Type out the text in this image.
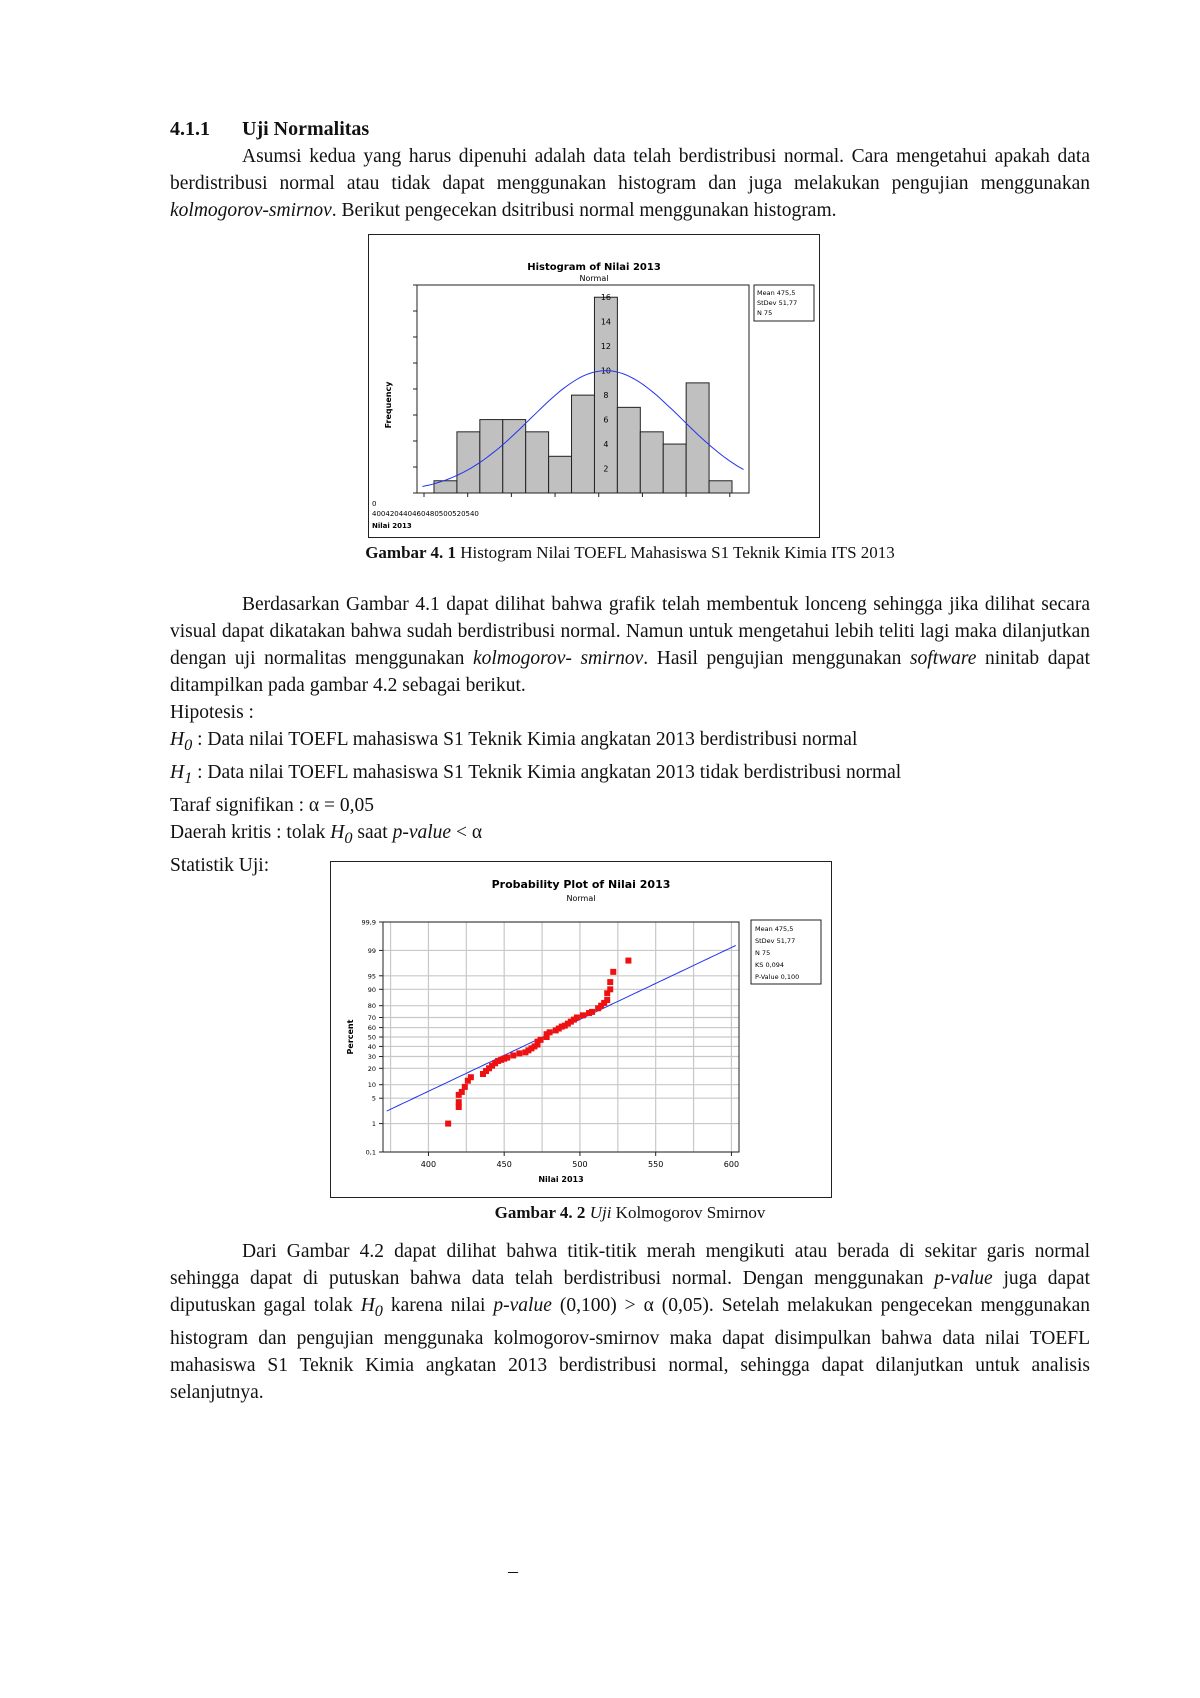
4.1.1 Uji Normalitas

Asumsi kedua yang harus dipenuhi adalah data telah berdistribusi normal. Cara mengetahui apakah data berdistribusi normal atau tidak dapat menggunakan histogram dan juga melakukan pengujian menggunakan kolmogorov-smirnov. Berikut pengecekan dsitribusi normal menggunakan histogram.

Histogram of Nilai 2013
Normal
2
4
6
8
10
12
14
16
Frequency
0
400420440460480500520540
Nilai 2013
Mean 475,5
StDev 51,77
N 75
Gambar 4. 1 Histogram Nilai TOEFL Mahasiswa S1 Teknik Kimia ITS 2013

Berdasarkan Gambar 4.1 dapat dilihat bahwa grafik telah membentuk lonceng sehingga jika dilihat secara visual dapat dikatakan bahwa sudah berdistribusi normal. Namun untuk mengetahui lebih teliti lagi maka dilanjutkan dengan uji normalitas menggunakan kolmogorov- smirnov. Hasil pengujian menggunakan software ninitab dapat ditampilkan pada gambar 4.2 sebagai berikut.

Hipotesis :
$H_0$ : Data nilai TOEFL mahasiswa S1 Teknik Kimia angkatan 2013 berdistribusi normal
$H_1$ : Data nilai TOEFL mahasiswa S1 Teknik Kimia angkatan 2013 tidak berdistribusi normal
Taraf signifikan : α = 0,05
Daerah kritis : tolak $H_0$ saat p-value < α
Statistik Uji:
Probability Plot of Nilai 2013
Normal
0,1
1
5
10
20
30
40
50
60
70
80
90
95
99
99,9
400	450	500	550	600
Nilai 2013
Percent
Mean 475,5
StDev 51,77
N 75
KS 0,094
P-Value 0,100
Gambar 4. 2 Uji Kolmogorov Smirnov

Dari Gambar 4.2 dapat dilihat bahwa titik-titik merah mengikuti atau berada di sekitar garis normal sehingga dapat di putuskan bahwa data telah berdistribusi normal. Dengan menggunakan p-value juga dapat diputuskan gagal tolak $H_0$ karena nilai p-value (0,100) > α (0,05). Setelah melakukan pengecekan menggunakan histogram dan pengujian menggunaka kolmogorov-smirnov maka dapat disimpulkan bahwa data nilai TOEFL mahasiswa S1 Teknik Kimia angkatan 2013 berdistribusi normal, sehingga dapat dilanjutkan untuk analisis selanjutnya.

–
